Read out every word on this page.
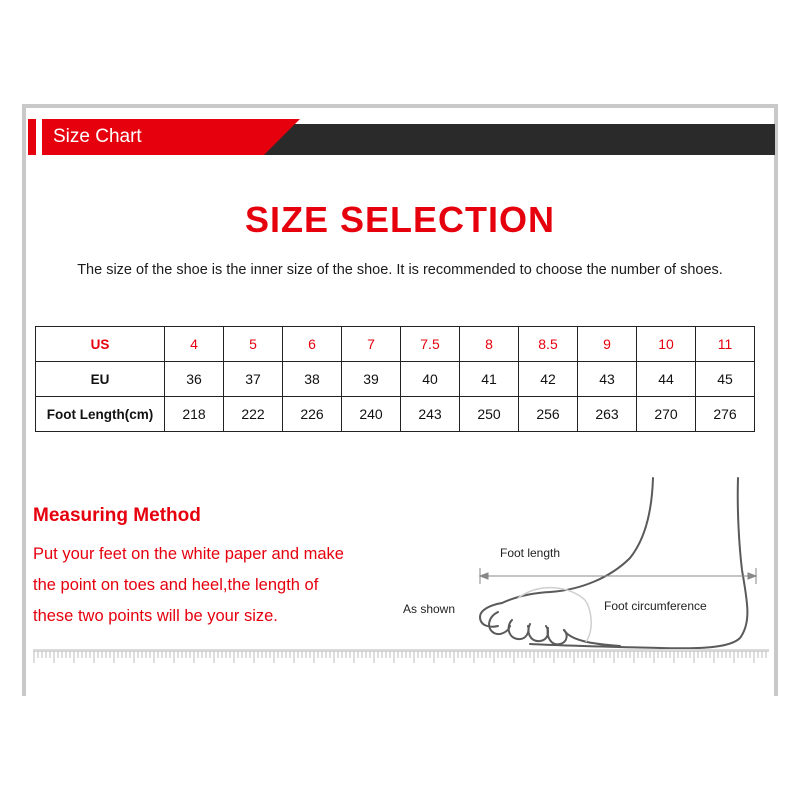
Size Chart
SIZE SELECTION
The size of the shoe is the inner size of the shoe. It is recommended to choose the number of shoes.
US	4	5	6	7	7.5	8	8.5	9	10	11
EU	36	37	38	39	40	41	42	43	44	45
Foot Length(cm)	218	222	226	240	243	250	256	263	270	276
Measuring Method
Put your feet on the white paper and make
the point on toes and heel,the length of
these two points will be your size.
Foot length
As shown	Foot circumference
